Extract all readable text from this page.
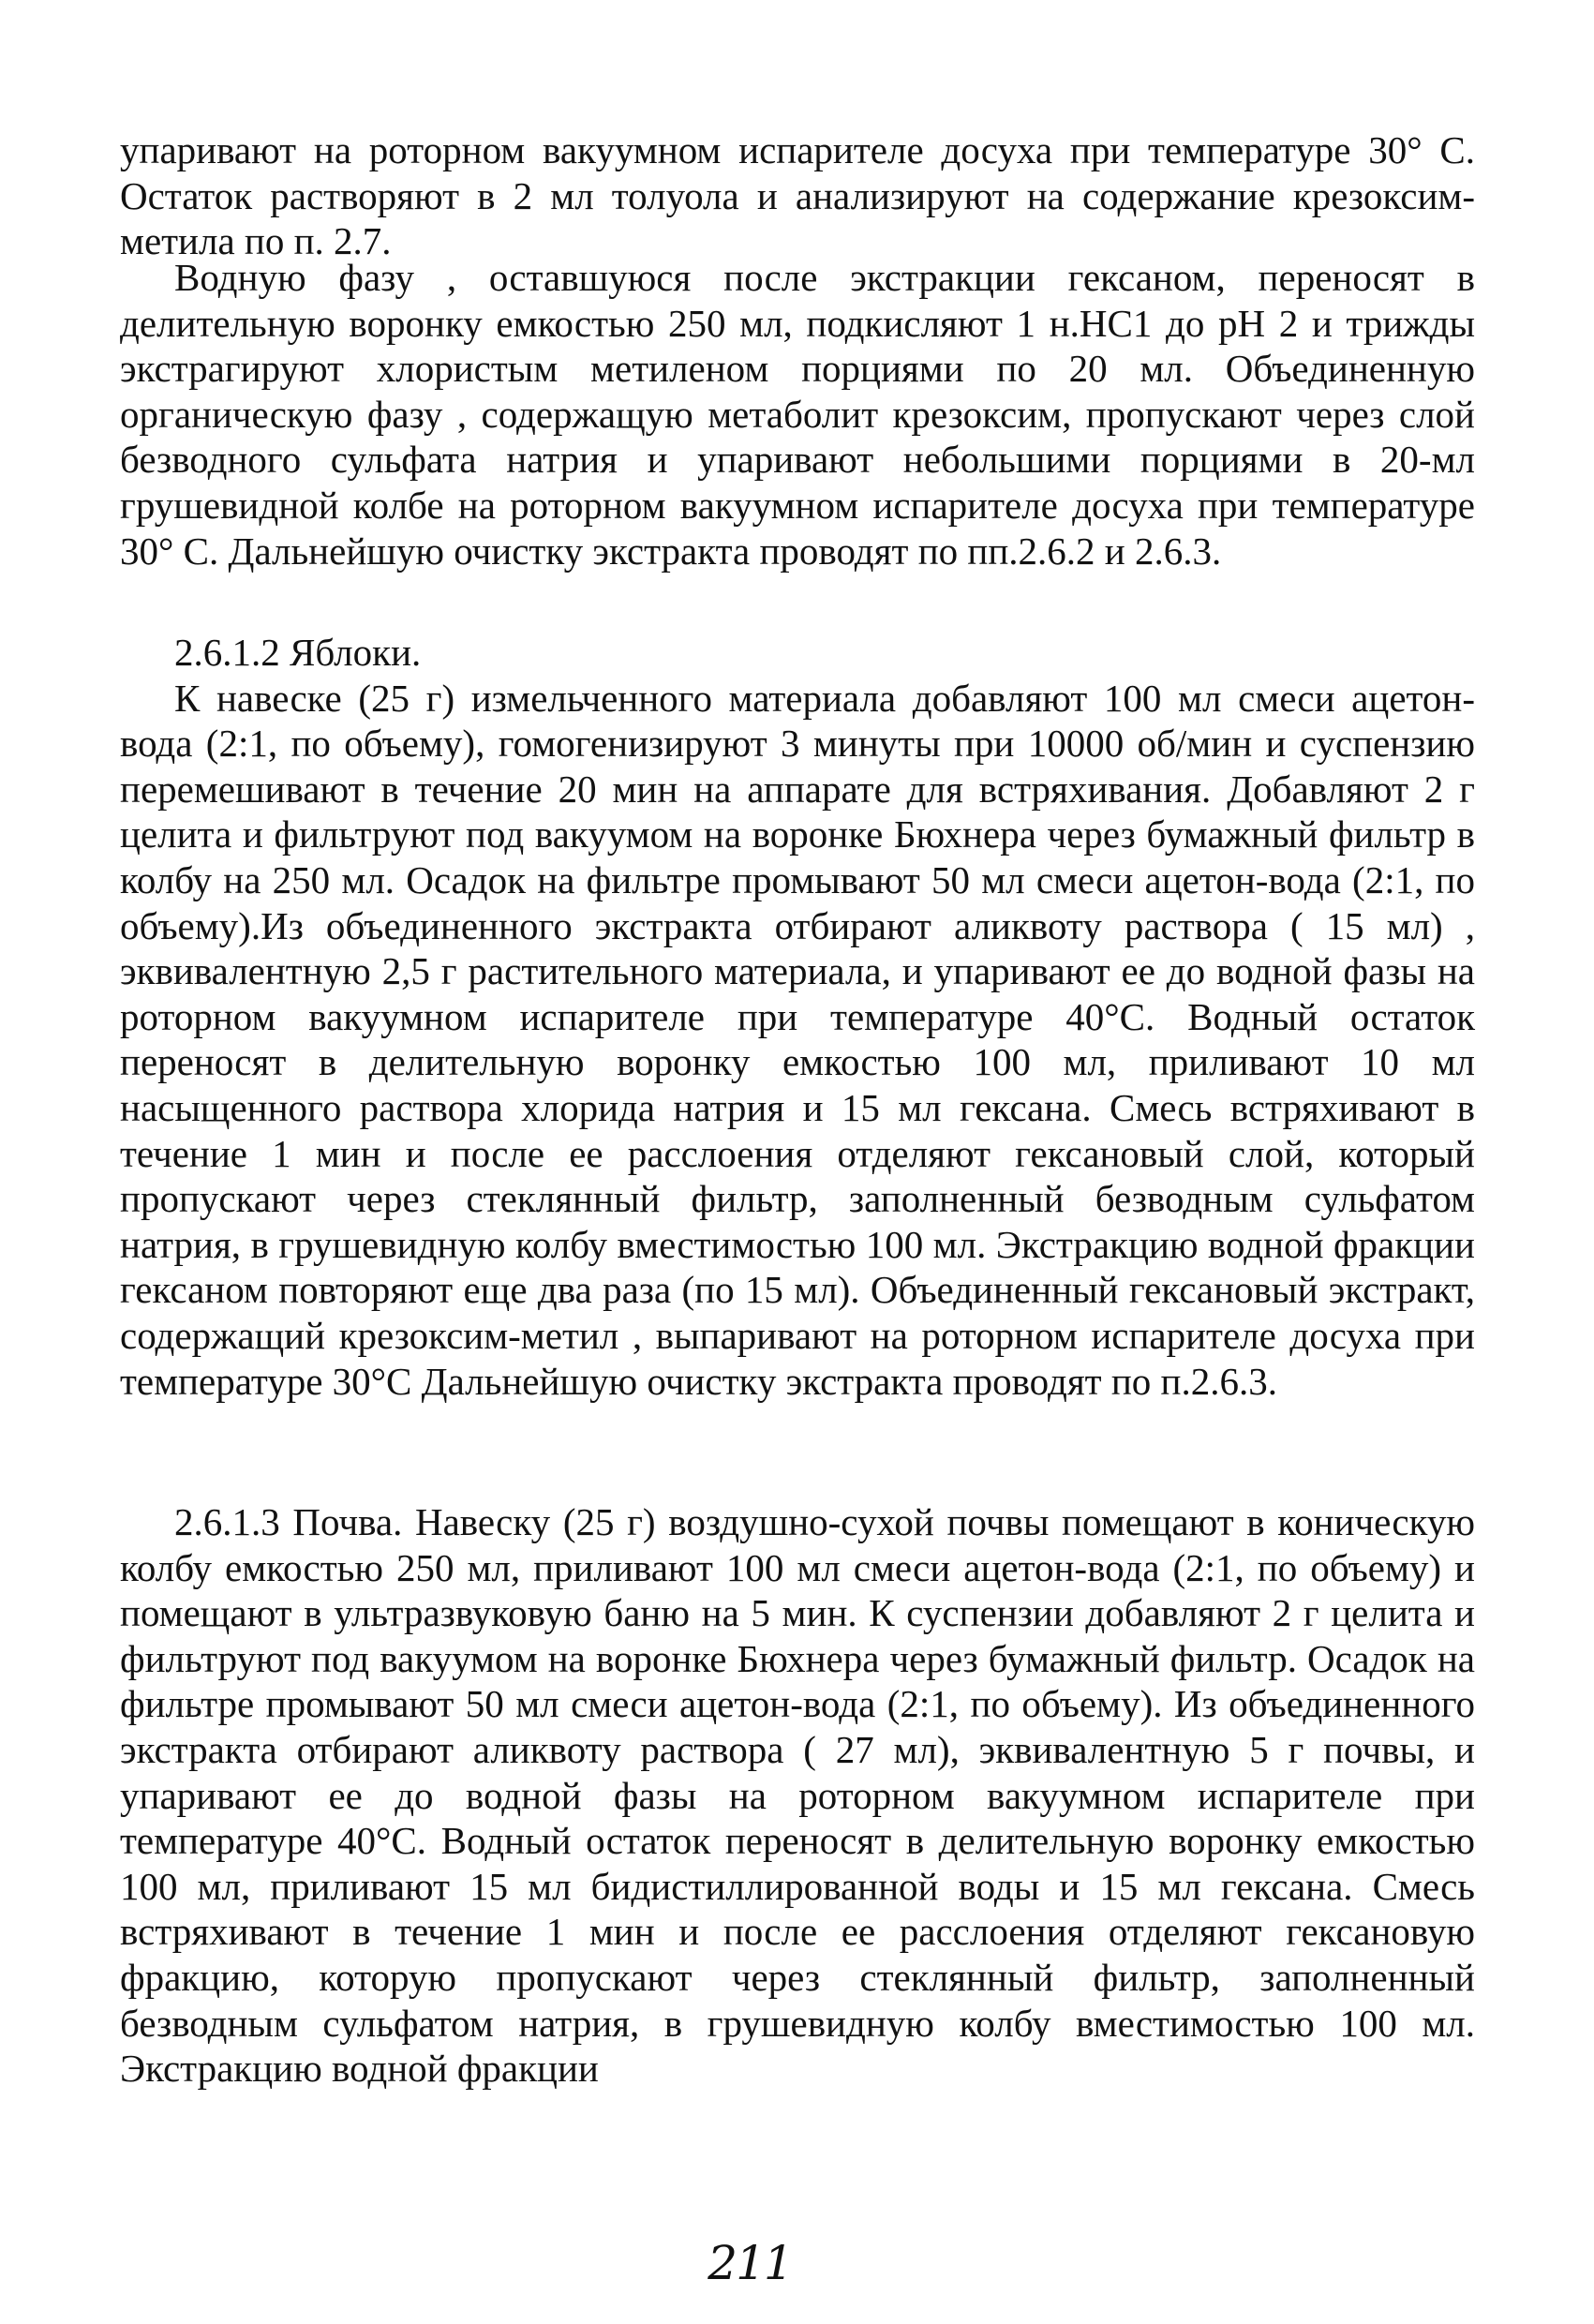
упаривают на роторном вакуумном испарителе досуха при температуре 30° С. Остаток растворяют в 2 мл толуола и анализируют на содержание крезоксим-метила по п. 2.7.

Водную фазу , оставшуюся после экстракции гексаном, переносят в делительную воронку емкостью 250 мл, подкисляют 1 н.НС1 до рН 2 и трижды экстрагируют хлористым метиленом порциями по 20 мл. Объединенную органическую фазу , содержащую метаболит крезоксим, пропускают через слой безводного сульфата натрия и упаривают небольшими порциями в 20-мл грушевидной колбе на роторном вакуумном испарителе досуха при температуре 30° С. Дальнейшую очистку экстракта проводят по пп.2.6.2 и 2.6.3.

2.6.1.2 Яблоки.

К навеске (25 г) измельченного материала добавляют 100 мл смеси ацетон-вода (2:1, по объему), гомогенизируют 3 минуты при 10000 об/мин и суспензию перемешивают в течение 20 мин на аппарате для встряхивания. Добавляют 2 г целита и фильтруют под вакуумом на воронке Бюхнера через бумажный фильтр в колбу на 250 мл. Осадок на фильтре промывают 50 мл смеси ацетон-вода (2:1, по объему).Из объединенного экстракта отбирают аликвоту раствора ( 15 мл) , эквивалентную 2,5 г растительного материала, и упаривают ее до водной фазы на роторном вакуумном испарителе при температуре 40°С. Водный остаток переносят в делительную воронку емкостью 100 мл, приливают 10 мл насыщенного раствора хлорида натрия и 15 мл гексана. Смесь встряхивают в течение 1 мин и после ее расслоения отделяют гексановый слой, который пропускают через стеклянный фильтр, заполненный безводным сульфатом натрия, в грушевидную колбу вместимостью 100 мл. Экстракцию водной фракции гексаном повторяют еще два раза (по 15 мл). Объединенный гексановый экстракт, содержащий крезоксим-метил , выпаривают на роторном испарителе досуха при температуре 30°С Дальнейшую очистку экстракта проводят по п.2.6.3.

2.6.1.3 Почва. Навеску (25 г) воздушно-сухой почвы помещают в коническую колбу емкостью 250 мл, приливают 100 мл смеси ацетон-вода (2:1, по объему) и помещают в ультразвуковую баню на 5 мин. К суспензии добавляют 2 г целита и фильтруют под вакуумом на воронке Бюхнера через бумажный фильтр. Осадок на фильтре промывают 50 мл смеси ацетон-вода (2:1, по объему). Из объединенного экстракта отбирают аликвоту раствора ( 27 мл), эквивалентную 5 г почвы, и упаривают ее до водной фазы на роторном вакуумном испарителе при температуре 40°С. Водный остаток переносят в делительную воронку емкостью 100 мл, приливают 15 мл бидистиллированной воды и 15 мл гексана. Смесь встряхивают в течение 1 мин и после ее расслоения отделяют гексановую фракцию, которую пропускают через стеклянный фильтр, заполненный безводным сульфатом натрия, в грушевидную колбу вместимостью 100 мл. Экстракцию водной фракции

211
